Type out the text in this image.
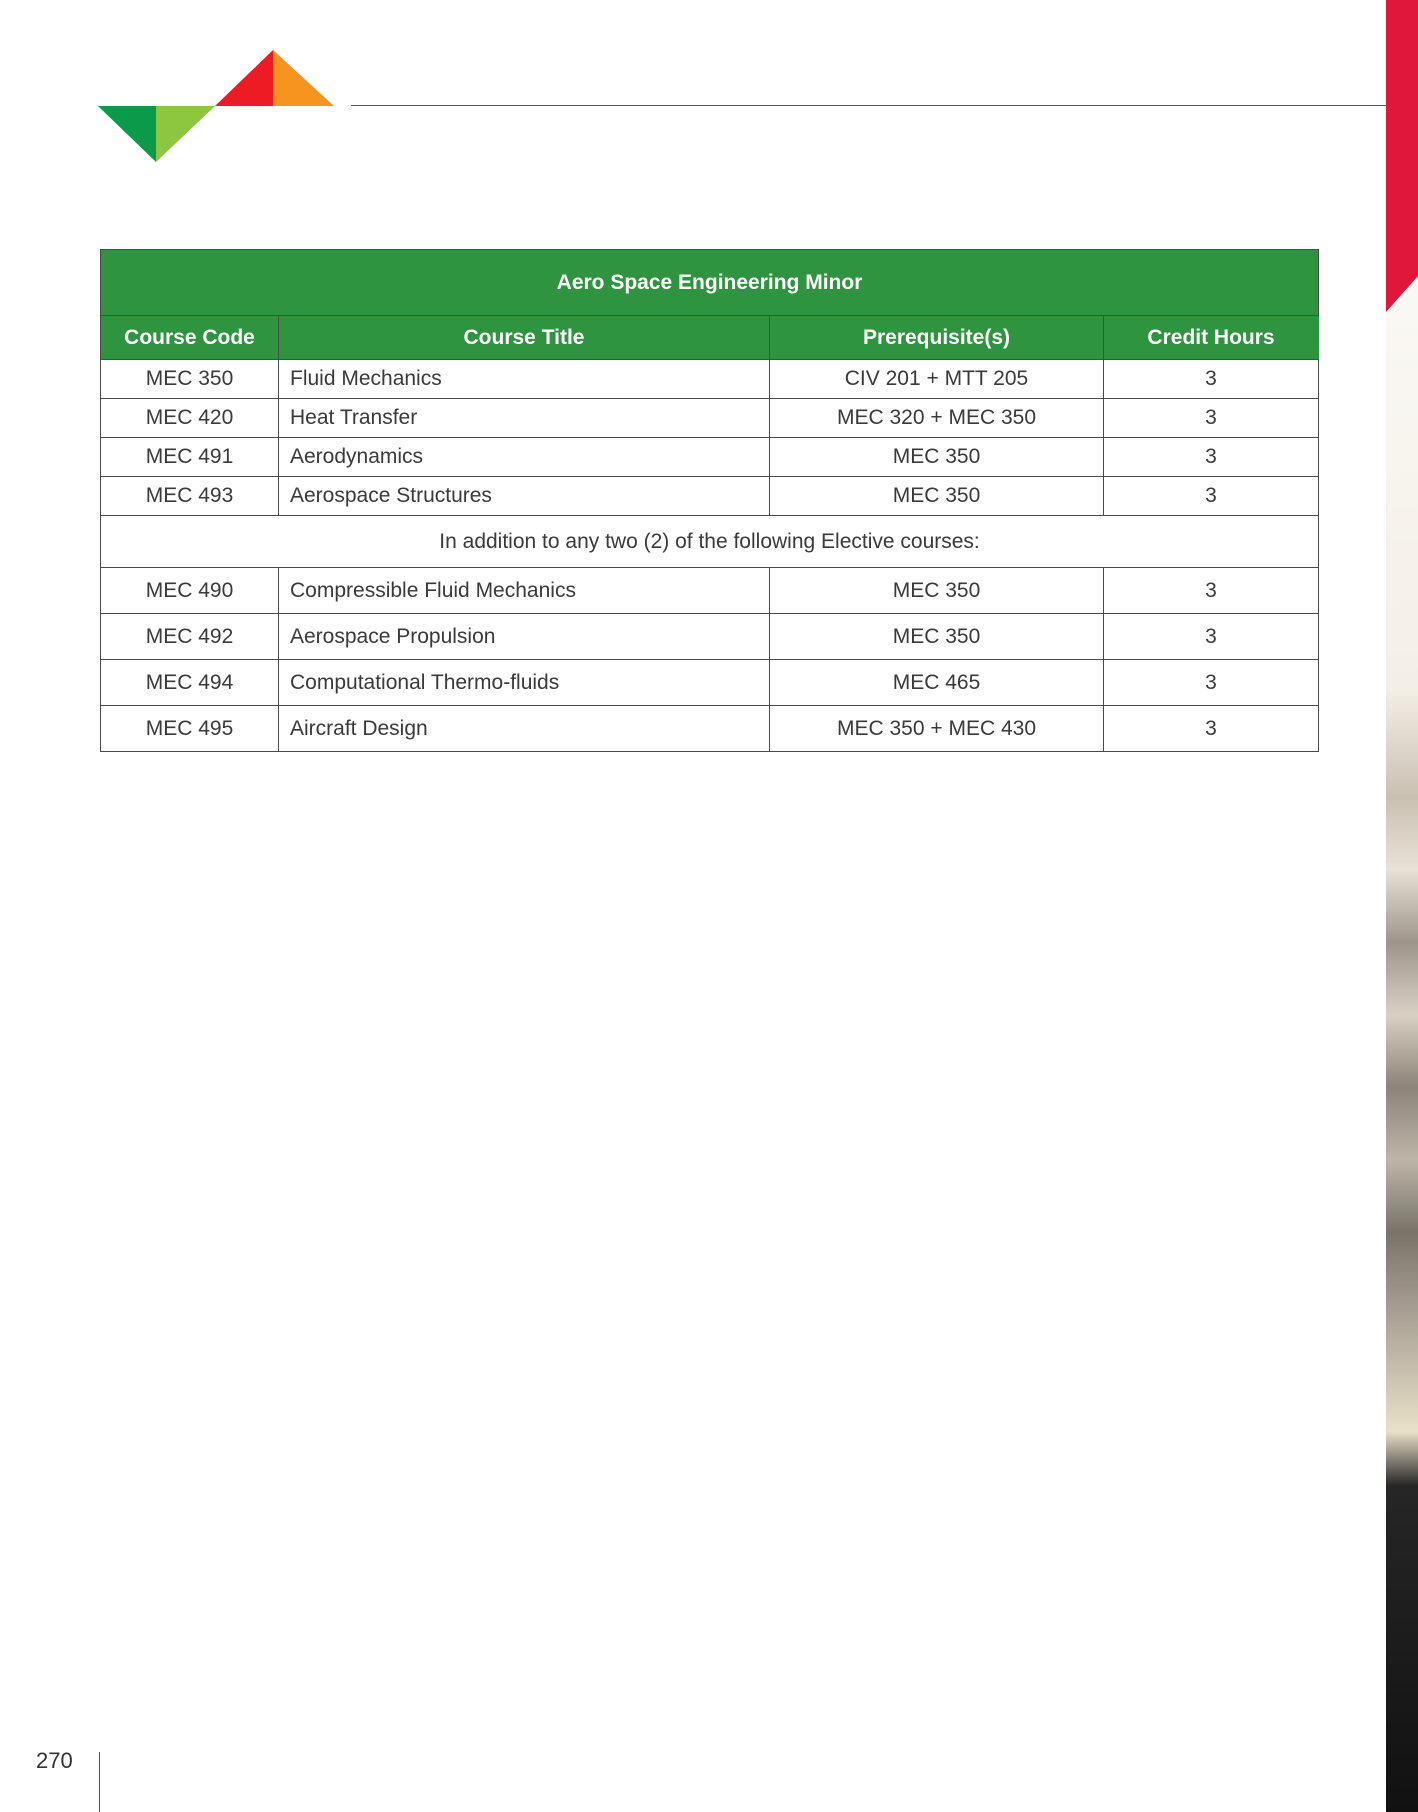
Aero Space Engineering Minor			
Course Code	Course Title	Prerequisite(s)	Credit Hours
MEC 350	Fluid Mechanics	CIV 201 + MTT 205	3
MEC 420	Heat Transfer	MEC 320 + MEC 350	3
MEC 491	Aerodynamics	MEC 350	3
MEC 493	Aerospace Structures	MEC 350	3
In addition to any two (2) of the following Elective courses:			
MEC 490	Compressible Fluid Mechanics	MEC 350	3
MEC 492	Aerospace Propulsion	MEC 350	3
MEC 494	Computational Thermo-fluids	MEC 465	3
MEC 495	Aircraft Design	MEC 350 + MEC 430	3
270
